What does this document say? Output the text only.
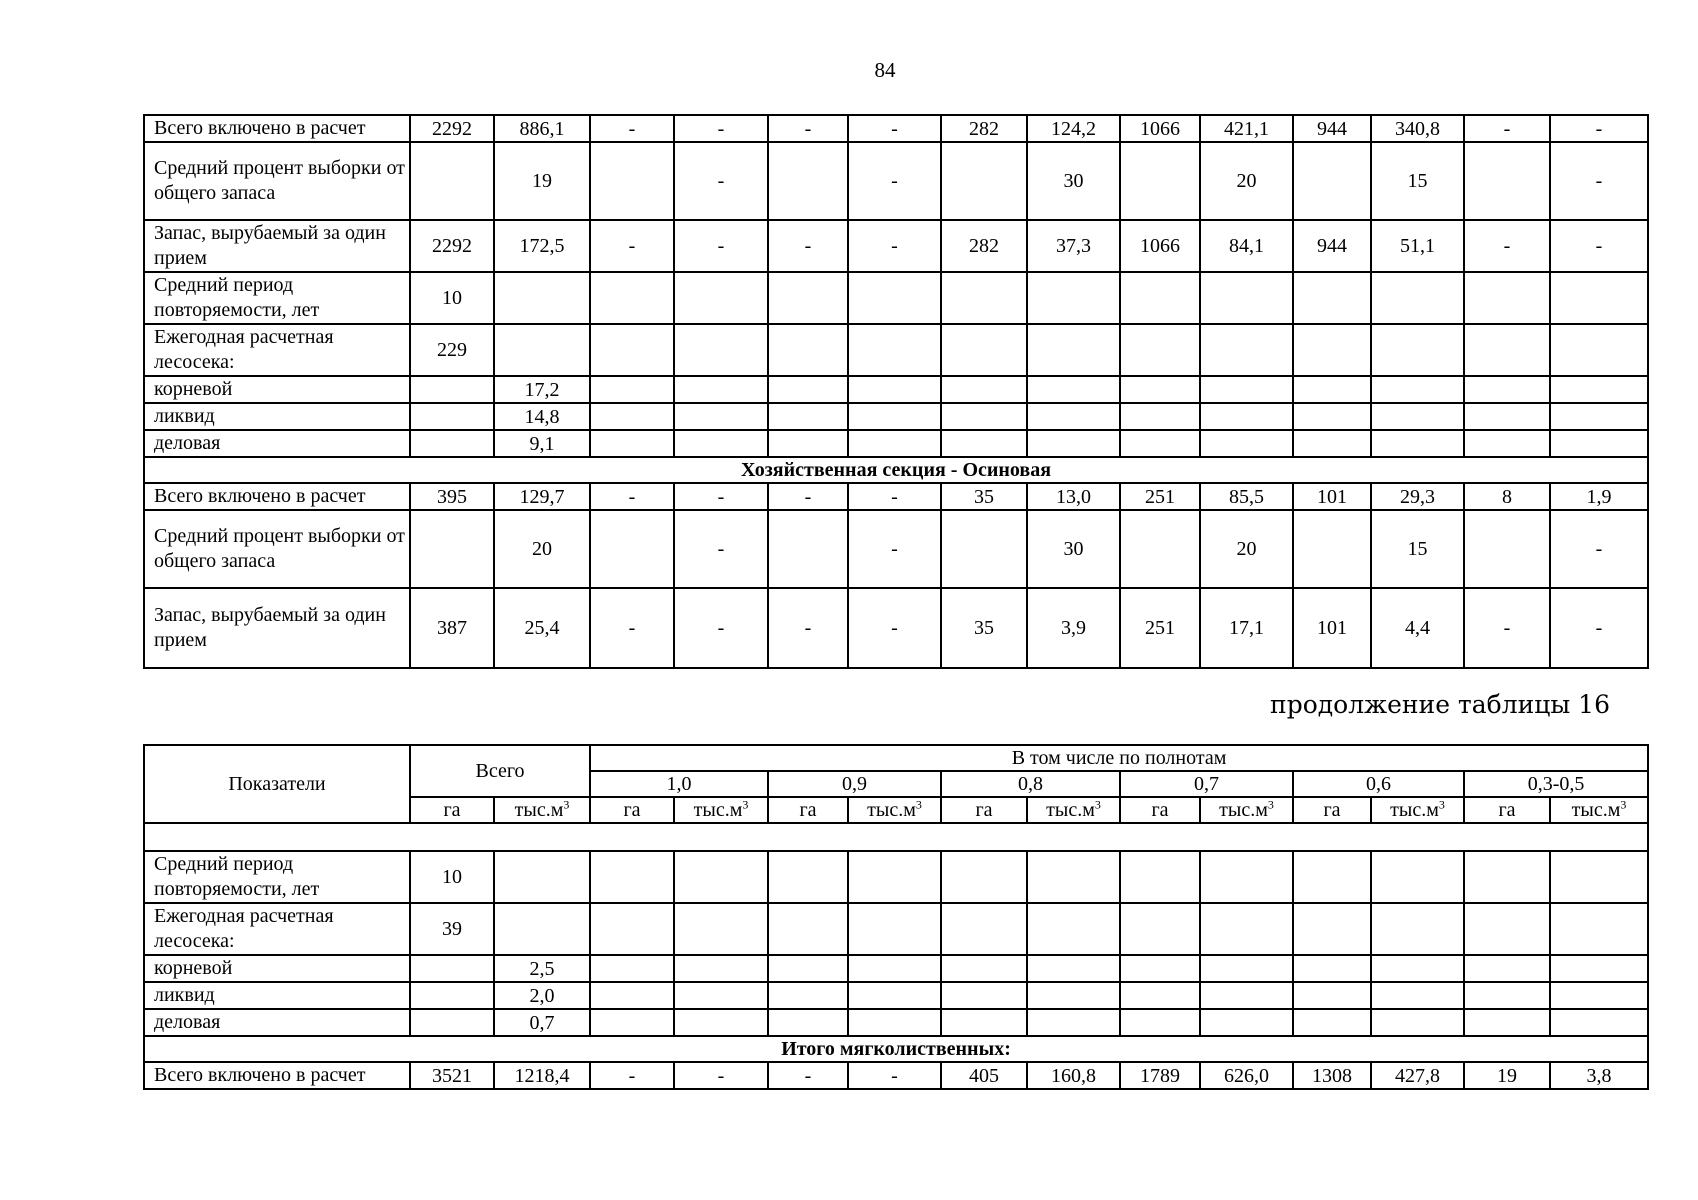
84
Всего включено в расчет	2292	886,1	-	-	-	-	282	124,2	1066	421,1	944	340,8	-	-
Средний процент выборки от общего запаса		19		-		-		30		20		15		-
Запас, вырубаемый за один прием	2292	172,5	-	-	-	-	282	37,3	1066	84,1	944	51,1	-	-
Средний период повторяемости, лет	10													
Ежегодная расчетная лесосека:	229													
корневой		17,2												
ликвид		14,8												
деловая		9,1												
Хозяйственная секция - Осиновая														
Всего включено в расчет	395	129,7	-	-	-	-	35	13,0	251	85,5	101	29,3	8	1,9
Средний процент выборки от общего запаса		20		-		-		30		20		15		-
Запас, вырубаемый за один прием	387	25,4	-	-	-	-	35	3,9	251	17,1	101	4,4	-	-
продолжение таблицы 16
Показатели	Всего		В том числе по полнотам											
			1,0		0,9		0,8		0,7		0,6		0,3-0,5	
	га	$тыс.м^3$	га	$тыс.м^3$	га	$тыс.м^3$	га	$тыс.м^3$	га	$тыс.м^3$	га	$тыс.м^3$	га	$тыс.м^3$

Средний период повторяемости, лет	10													
Ежегодная расчетная лесосека:	39													
корневой		2,5												
ликвид		2,0												
деловая		0,7												
Итого мягколиственных:														
Всего включено в расчет	3521	1218,4	-	-	-	-	405	160,8	1789	626,0	1308	427,8	19	3,8
